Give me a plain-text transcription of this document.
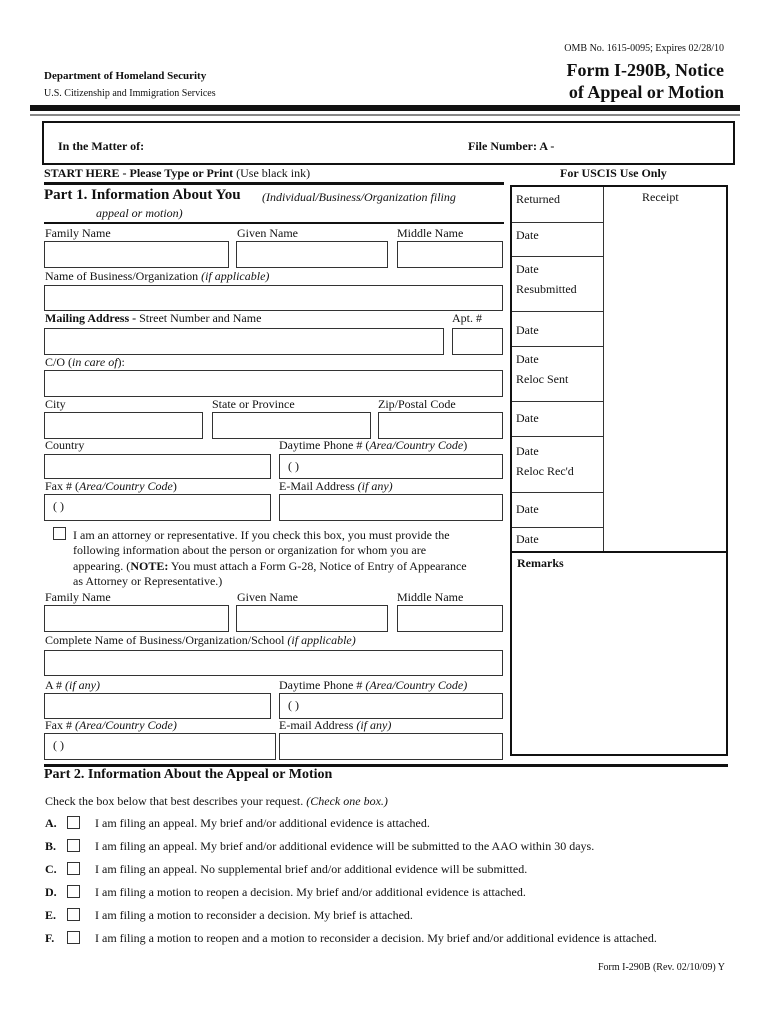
OMB No. 1615-0095; Expires 02/28/10
Department of Homeland Security
U.S. Citizenship and Immigration Services
Form I-290B, Notice
of Appeal or Motion
In the Matter of:	File Number: A -
START HERE - Please Type or Print (Use black ink)	For USCIS Use Only
Part 1. Information About You (Individual/Business/Organization filing
appeal or motion)
Family Name	Given Name	Middle Name
Name of Business/Organization (if applicable)
Mailing Address - Street Number and Name	Apt. #
C/O (in care of):
City	State or Province	Zip/Postal Code
Country	Daytime Phone # (Area/Country Code)
( )
Fax # (Area/Country Code)	E-Mail Address (if any)
( )
I am an attorney or representative. If you check this box, you must provide the
following information about the person or organization for whom you are
appearing. (NOTE: You must attach a Form G-28, Notice of Entry of Appearance
as Attorney or Representative.)
Family Name	Given Name	Middle Name
Complete Name of Business/Organization/School (if applicable)
A # (if any)	Daytime Phone # (Area/Country Code)
( )
Fax # (Area/Country Code)	E-mail Address (if any)
( )
Receipt
Returned
Date
Date
Resubmitted
Date
Date
Reloc Sent
Date
Date
Reloc Rec'd
Date
Date
Remarks
Part 2. Information About the Appeal or Motion
Check the box below that best describes your request. (Check one box.)
A.	I am filing an appeal. My brief and/or additional evidence is attached.
B.	I am filing an appeal. My brief and/or additional evidence will be submitted to the AAO within 30 days.
C.	I am filing an appeal. No supplemental brief and/or additional evidence will be submitted.
D.	I am filing a motion to reopen a decision. My brief and/or additional evidence is attached.
E.	I am filing a motion to reconsider a decision. My brief is attached.
F.	I am filing a motion to reopen and a motion to reconsider a decision. My brief and/or additional evidence is attached.
Form I-290B (Rev. 02/10/09) Y
